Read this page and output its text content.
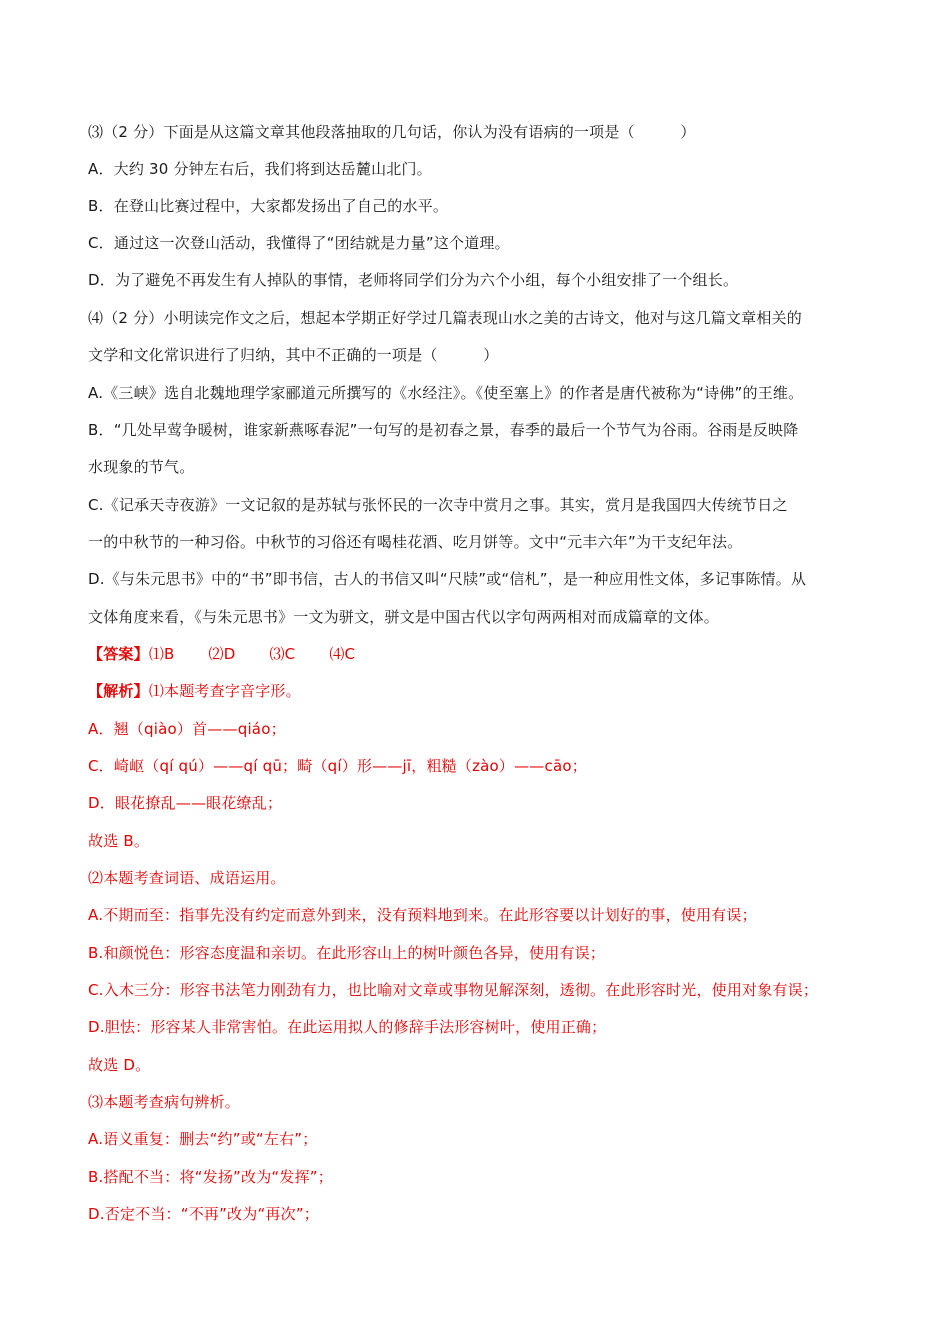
⑶（2 分）下面是从这篇文章其他段落抽取的几句话，你认为没有语病的一项是（　　　）
A．大约 30 分钟左右后，我们将到达岳麓山北门。
B．在登山比赛过程中，大家都发扬出了自己的水平。
C．通过这一次登山活动，我懂得了“团结就是力量”这个道理。
D．为了避免不再发生有人掉队的事情，老师将同学们分为六个小组，每个小组安排了一个组长。
⑷（2 分）小明读完作文之后，想起本学期正好学过几篇表现山水之美的古诗文，他对与这几篇文章相关的
文学和文化常识进行了归纳，其中不正确的一项是（　　　）
A.《三峡》选自北魏地理学家郦道元所撰写的《水经注》。《使至塞上》的作者是唐代被称为“诗佛”的王维。
B．“几处早莺争暖树，谁家新燕啄春泥”一句写的是初春之景，春季的最后一个节气为谷雨。谷雨是反映降
水现象的节气。
C.《记承天寺夜游》一文记叙的是苏轼与张怀民的一次寺中赏月之事。其实，赏月是我国四大传统节日之
一的中秋节的一种习俗。中秋节的习俗还有喝桂花酒、吃月饼等。文中“元丰六年”为干支纪年法。
D.《与朱元思书》中的“书”即书信，古人的书信又叫“尺牍”或“信札”，是一种应用性文体，多记事陈情。从
文体角度来看，《与朱元思书》一文为骈文，骈文是中国古代以字句两两相对而成篇章的文体。
【答案】⑴B ⑵D ⑶C ⑷C
【解析】⑴本题考查字音字形。
A．翘（qiào）首——qiáo；
C．崎岖（qí qú）——qí qū；畸（qí）形——jī，粗糙（zào）——cāo；
D．眼花撩乱——眼花缭乱；
故选 B。
⑵本题考查词语、成语运用。
A.不期而至：指事先没有约定而意外到来，没有预料地到来。在此形容要以计划好的事，使用有误；
B.和颜悦色：形容态度温和亲切。在此形容山上的树叶颜色各异，使用有误；
C.入木三分：形容书法笔力刚劲有力，也比喻对文章或事物见解深刻，透彻。在此形容时光，使用对象有误；
D.胆怯：形容某人非常害怕。在此运用拟人的修辞手法形容树叶，使用正确；
故选 D。
⑶本题考查病句辨析。
A.语义重复：删去“约”或“左右”；
B.搭配不当：将“发扬”改为“发挥”；
D.否定不当：“不再”改为“再次”；
